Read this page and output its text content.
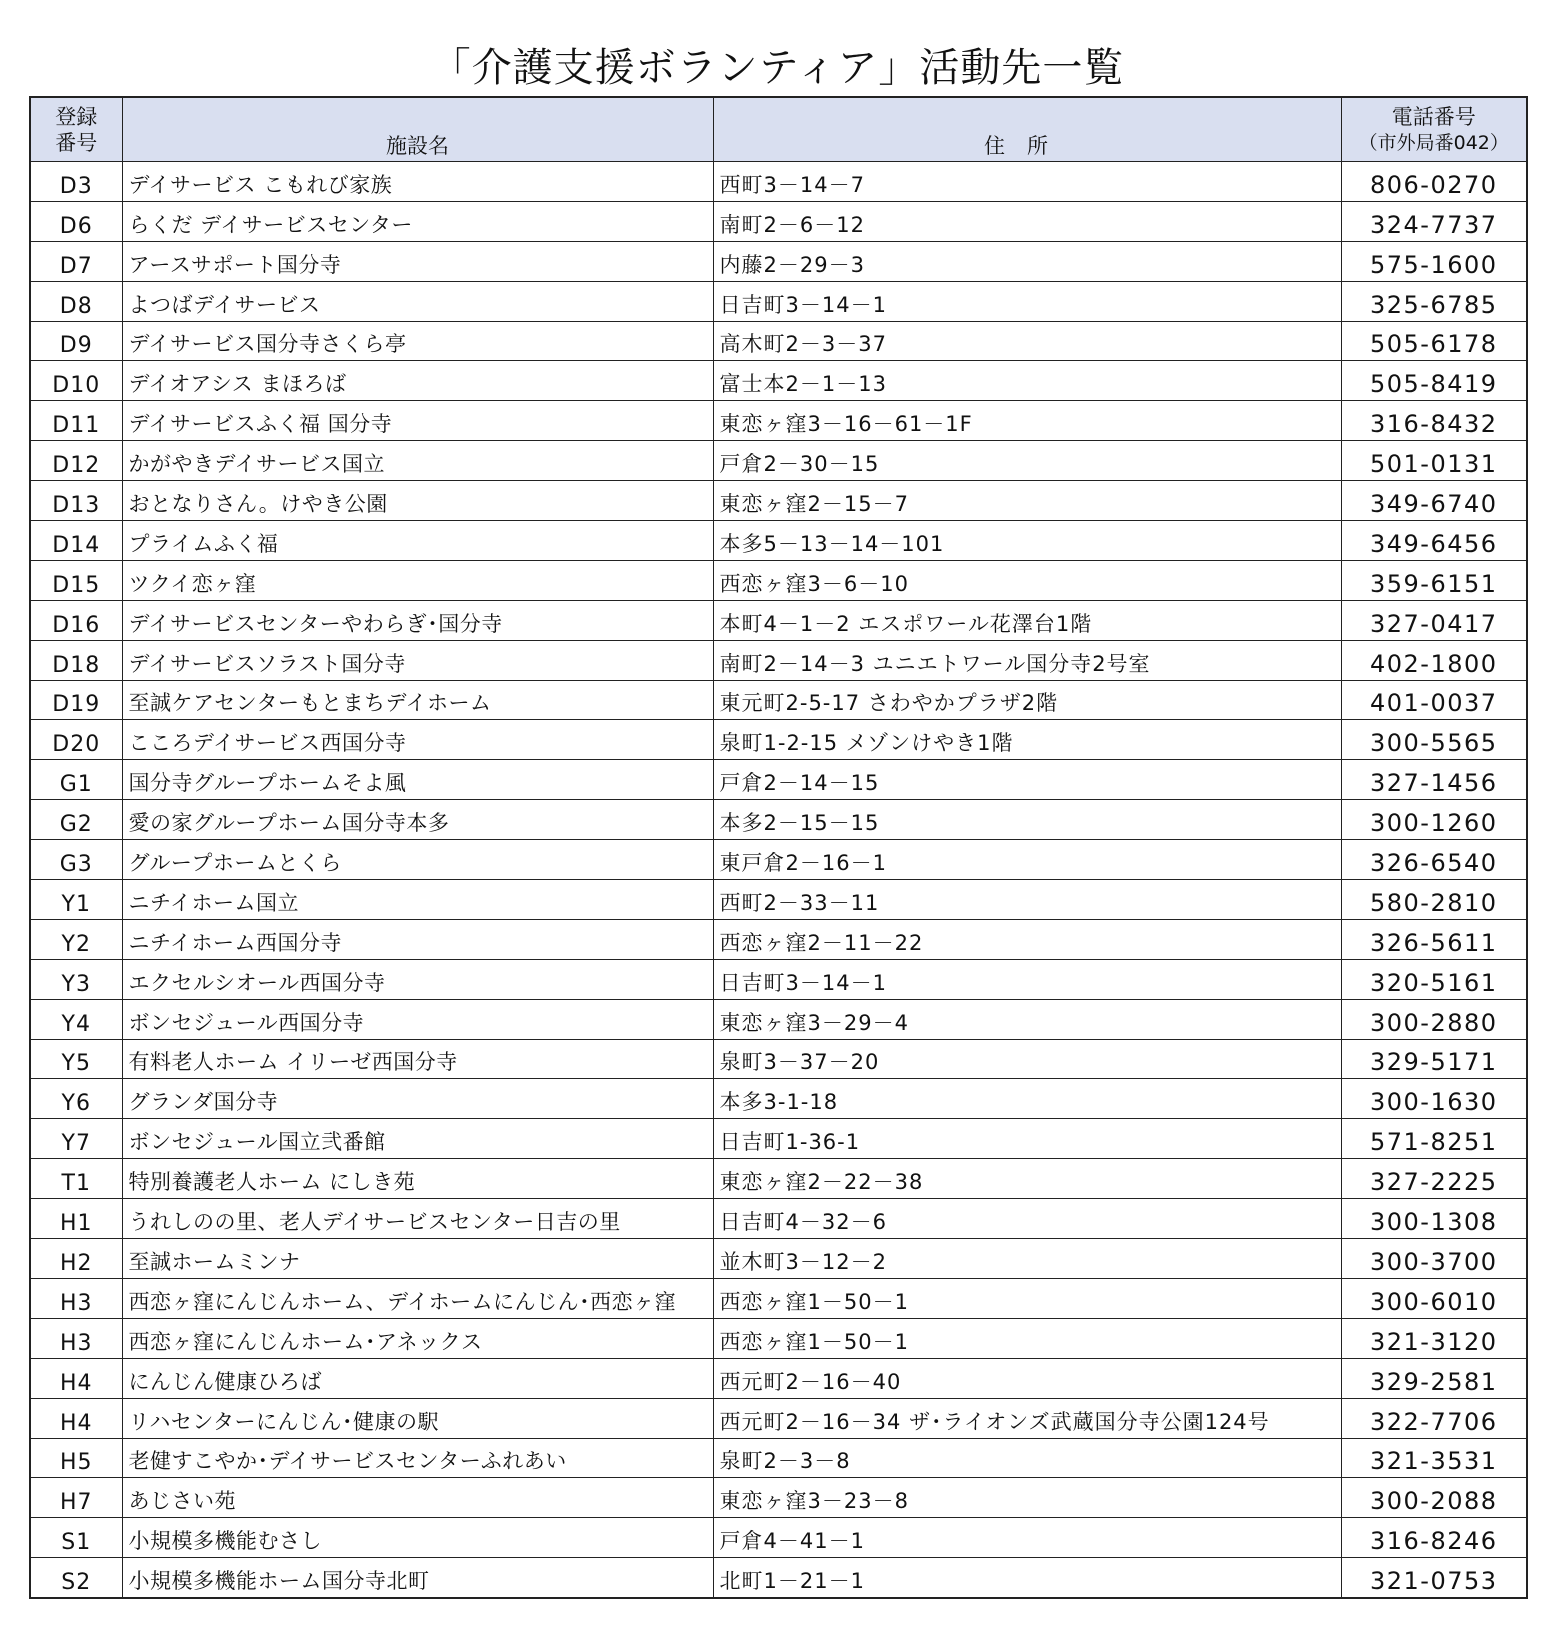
「介護支援ボランティア」活動先一覧
登録
番号	施設名	住所	電話番号
（市外局番042）

D3	デイサービス こもれび家族	西町3－14－7	806-0270
D6	らくだ デイサービスセンター	南町2－6－12	324-7737
D7	アースサポート国分寺	内藤2－29－3	575-1600
D8	よつばデイサービス	日吉町3－14－1	325-6785
D9	デイサービス国分寺さくら亭	高木町2－3－37	505-6178
D10	デイオアシス まほろば	富士本2－1－13	505-8419
D11	デイサービスふく福 国分寺	東恋ヶ窪3－16－61－1F	316-8432
D12	かがやきデイサービス国立	戸倉2－30－15	501-0131
D13	おとなりさん。けやき公園	東恋ヶ窪2－15－7	349-6740
D14	プライムふく福	本多5－13－14－101	349-6456
D15	ツクイ恋ヶ窪	西恋ヶ窪3－6－10	359-6151
D16	デイサービスセンターやわらぎ･国分寺	本町4－1－2 エスポワール花澤台1階	327-0417
D18	デイサービスソラスト国分寺	南町2－14－3 ユニエトワール国分寺2号室	402-1800
D19	至誠ケアセンターもとまちデイホーム	東元町2-5-17 さわやかプラザ2階	401-0037
D20	こころデイサービス西国分寺	泉町1-2-15 メゾンけやき1階	300-5565
G1	国分寺グループホームそよ風	戸倉2－14－15	327-1456
G2	愛の家グループホーム国分寺本多	本多2－15－15	300-1260
G3	グループホームとくら	東戸倉2－16－1	326-6540
Y1	ニチイホーム国立	西町2－33－11	580-2810
Y2	ニチイホーム西国分寺	西恋ヶ窪2－11－22	326-5611
Y3	エクセルシオール西国分寺	日吉町3－14－1	320-5161
Y4	ボンセジュール西国分寺	東恋ヶ窪3－29－4	300-2880
Y5	有料老人ホーム イリーゼ西国分寺	泉町3－37－20	329-5171
Y6	グランダ国分寺	本多3-1-18	300-1630
Y7	ボンセジュール国立弐番館	日吉町1-36-1	571-8251
T1	特別養護老人ホーム にしき苑	東恋ヶ窪2－22－38	327-2225
H1	うれしのの里、老人デイサービスセンター日吉の里	日吉町4－32－6	300-1308
H2	至誠ホームミンナ	並木町3－12－2	300-3700
H3	西恋ヶ窪にんじんホーム、デイホームにんじん･西恋ヶ窪	西恋ヶ窪1－50－1	300-6010
H3	西恋ヶ窪にんじんホーム･アネックス	西恋ヶ窪1－50－1	321-3120
H4	にんじん健康ひろば	西元町2－16－40	329-2581
H4	リハセンターにんじん･健康の駅	西元町2－16－34 ザ･ライオンズ武蔵国分寺公園124号	322-7706
H5	老健すこやか･デイサービスセンターふれあい	泉町2－3－8	321-3531
H7	あじさい苑	東恋ヶ窪3－23－8	300-2088
S1	小規模多機能むさし	戸倉4－41－1	316-8246
S2	小規模多機能ホーム国分寺北町	北町1－21－1	321-0753
